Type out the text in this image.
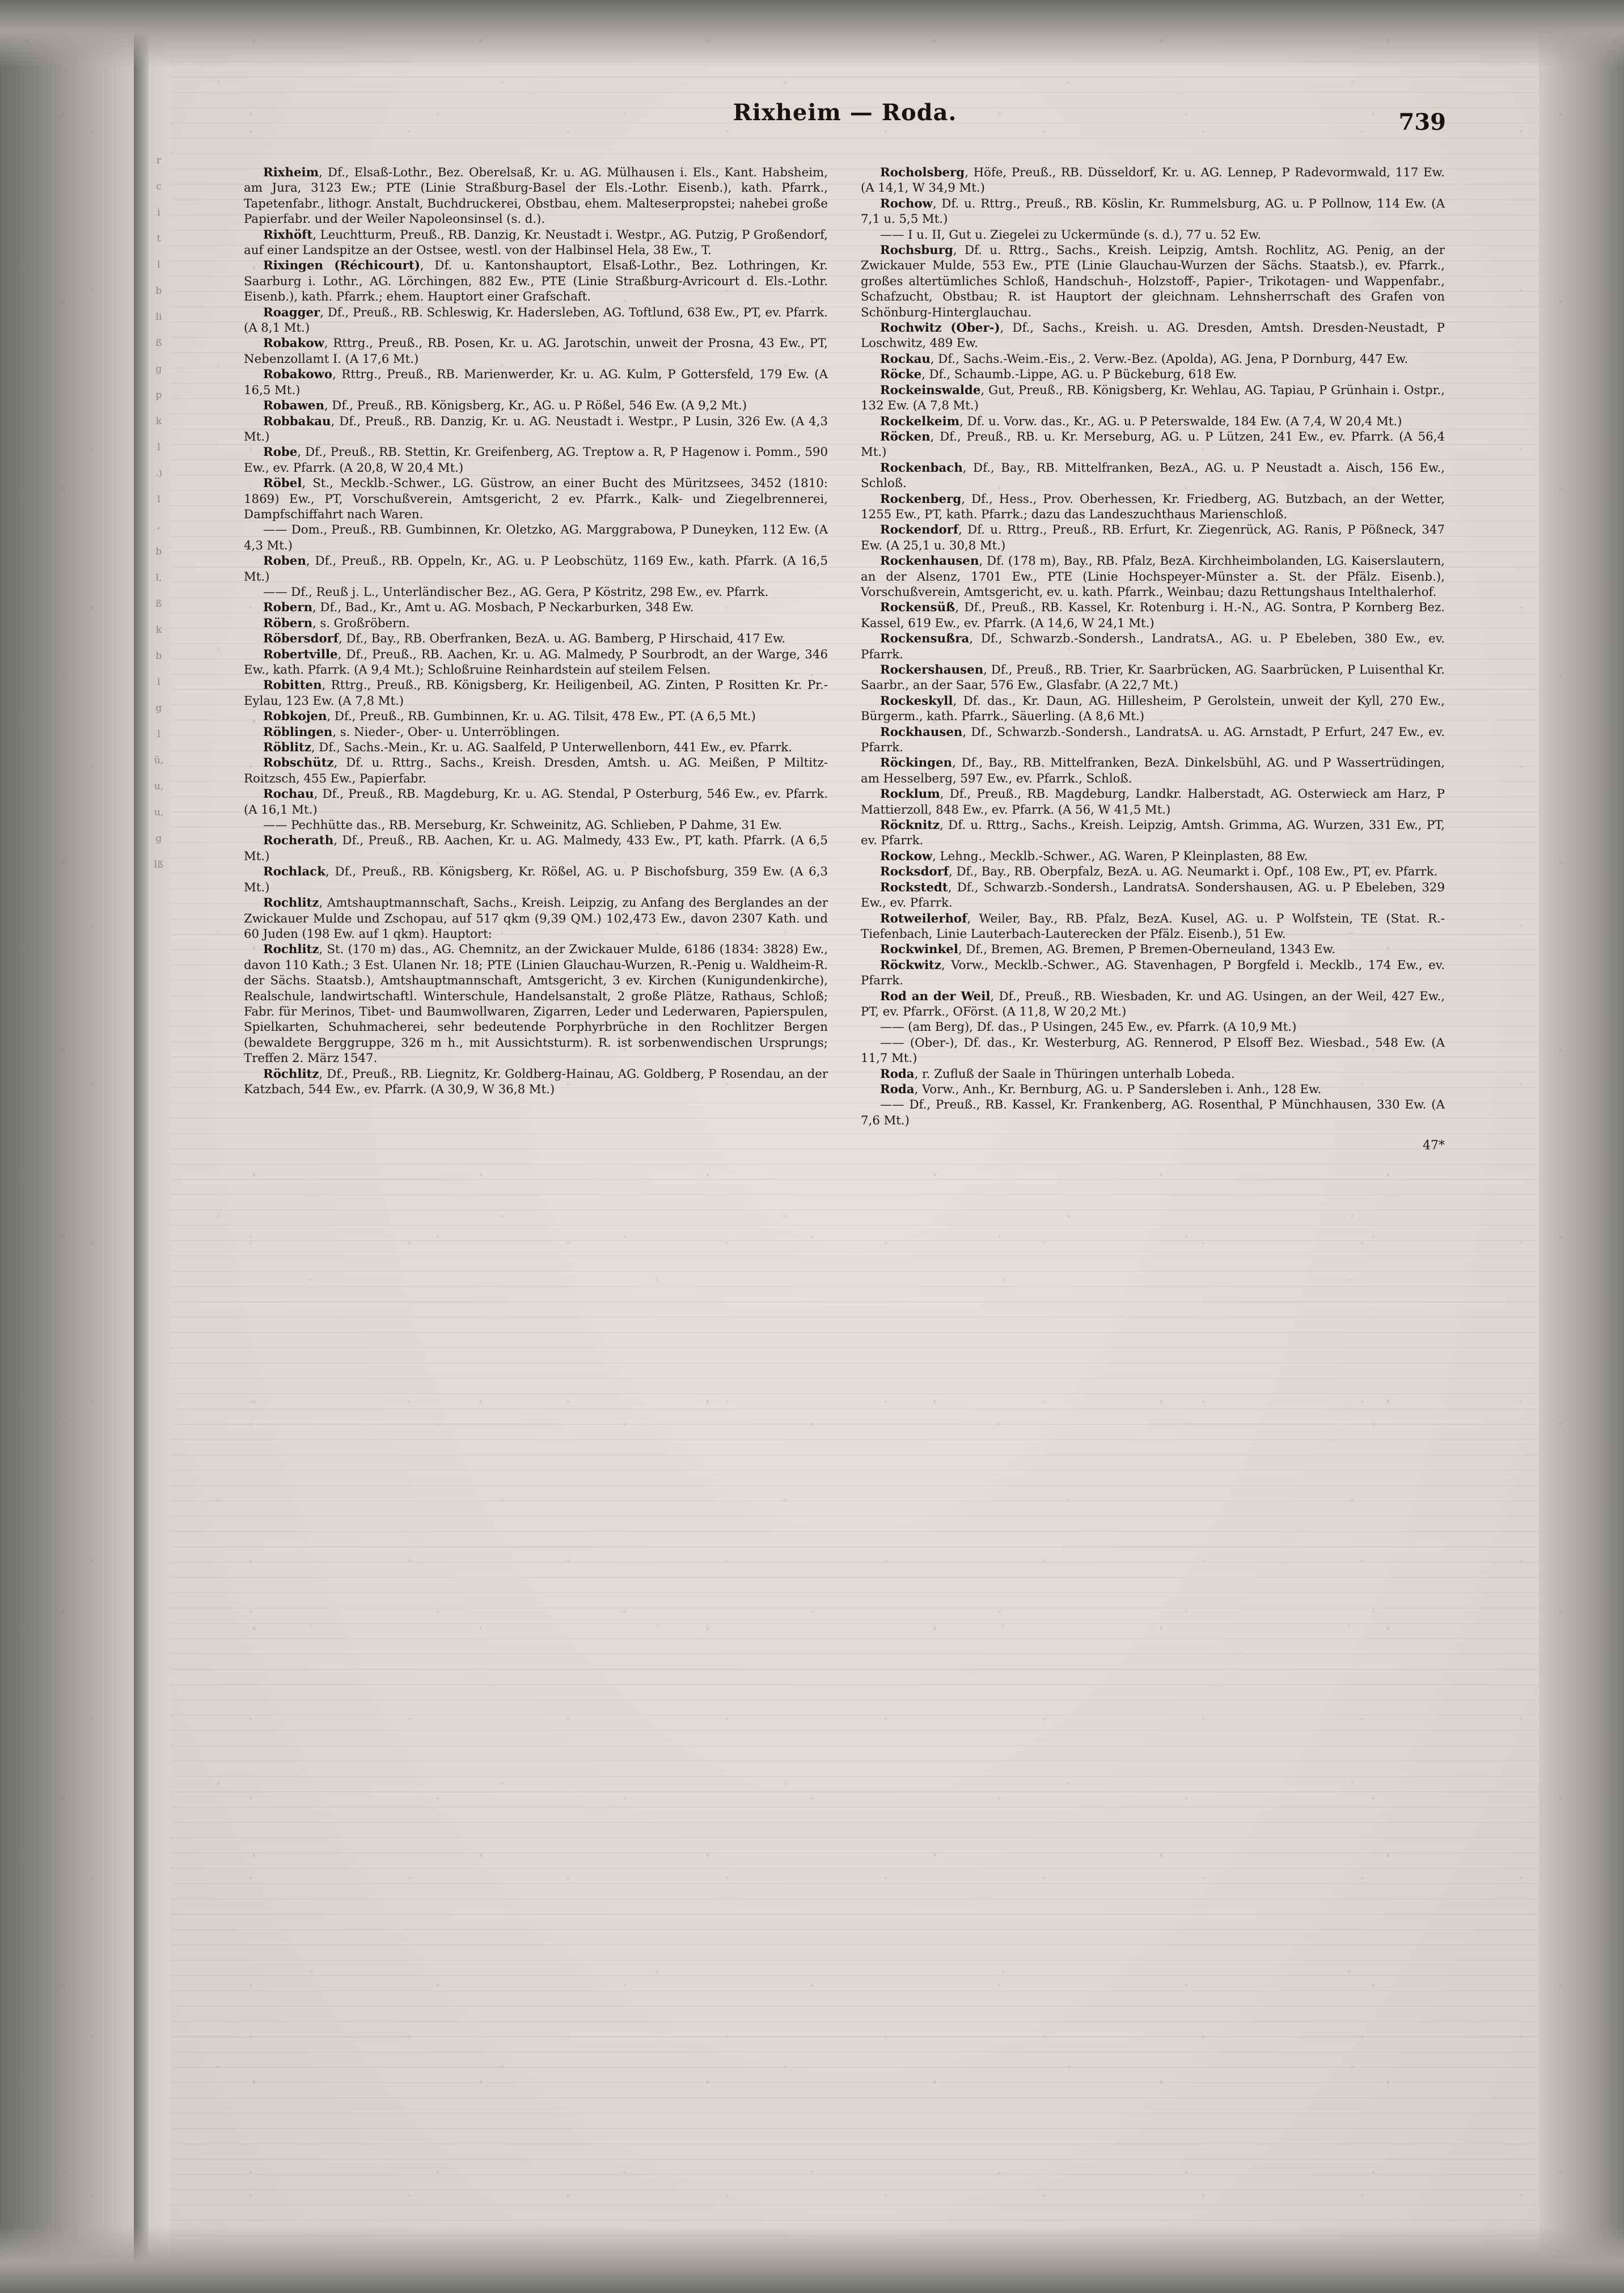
r
c
i
t
l
b
li
ß
g
p
k
l
.)
l
,
b
l,
ß
k
b
l
g
l
ü,
u,
u,
g
lß
Rixheim — Roda.	739

Rixheim, Df., Elsaß-Lothr., Bez. Oberelsaß, Kr. u. AG. Mülhausen i. Els., Kant. Habsheim, am Jura, 3123 Ew.; PTE (Linie Straßburg-Basel der Els.-Lothr. Eisenb.), kath. Pfarrk., Tapetenfabr., lithogr. Anstalt, Buchdruckerei, Obstbau, ehem. Malteserpropstei; nahebei große Papierfabr. und der Weiler Napoleonsinsel (s. d.).

Rixhöft, Leuchtturm, Preuß., RB. Danzig, Kr. Neustadt i. Westpr., AG. Putzig, P Großendorf, auf einer Landspitze an der Ostsee, westl. von der Halbinsel Hela, 38 Ew., T.

Rixingen (Réchicourt), Df. u. Kantonshauptort, Elsaß-Lothr., Bez. Lothringen, Kr. Saarburg i. Lothr., AG. Lörchingen, 882 Ew., PTE (Linie Straßburg-Avricourt d. Els.-Lothr. Eisenb.), kath. Pfarrk.; ehem. Hauptort einer Grafschaft.

Roagger, Df., Preuß., RB. Schleswig, Kr. Hadersleben, AG. Toftlund, 638 Ew., PT, ev. Pfarrk. (A 8,1 Mt.)

Robakow, Rttrg., Preuß., RB. Posen, Kr. u. AG. Jarotschin, unweit der Prosna, 43 Ew., PT, Nebenzollamt I. (A 17,6 Mt.)

Robakowo, Rttrg., Preuß., RB. Marienwerder, Kr. u. AG. Kulm, P Gottersfeld, 179 Ew. (A 16,5 Mt.)

Robawen, Df., Preuß., RB. Königsberg, Kr., AG. u. P Rößel, 546 Ew. (A 9,2 Mt.)

Robbakau, Df., Preuß., RB. Danzig, Kr. u. AG. Neustadt i. Westpr., P Lusin, 326 Ew. (A 4,3 Mt.)

Robe, Df., Preuß., RB. Stettin, Kr. Greifenberg, AG. Treptow a. R, P Hagenow i. Pomm., 590 Ew., ev. Pfarrk. (A 20,8, W 20,4 Mt.)

Röbel, St., Mecklb.-Schwer., LG. Güstrow, an einer Bucht des Müritzsees, 3452 (1810: 1869) Ew., PT, Vorschußverein, Amtsgericht, 2 ev. Pfarrk., Kalk- und Ziegelbrennerei, Dampfschiffahrt nach Waren.

—— Dom., Preuß., RB. Gumbinnen, Kr. Oletzko, AG. Marggrabowa, P Duneyken, 112 Ew. (A 4,3 Mt.)

Roben, Df., Preuß., RB. Oppeln, Kr., AG. u. P Leobschütz, 1169 Ew., kath. Pfarrk. (A 16,5 Mt.)

—— Df., Reuß j. L., Unterländischer Bez., AG. Gera, P Köstritz, 298 Ew., ev. Pfarrk.

Robern, Df., Bad., Kr., Amt u. AG. Mosbach, P Neckarburken, 348 Ew.

Röbern, s. Großröbern.

Röbersdorf, Df., Bay., RB. Oberfranken, BezA. u. AG. Bamberg, P Hirschaid, 417 Ew.

Robertville, Df., Preuß., RB. Aachen, Kr. u. AG. Malmedy, P Sourbrodt, an der Warge, 346 Ew., kath. Pfarrk. (A 9,4 Mt.); Schloßruine Reinhardstein auf steilem Felsen.

Robitten, Rttrg., Preuß., RB. Königsberg, Kr. Heiligenbeil, AG. Zinten, P Rositten Kr. Pr.-Eylau, 123 Ew. (A 7,8 Mt.)

Robkojen, Df., Preuß., RB. Gumbinnen, Kr. u. AG. Tilsit, 478 Ew., PT. (A 6,5 Mt.)

Röblingen, s. Nieder-, Ober- u. Unterröblingen.

Röblitz, Df., Sachs.-Mein., Kr. u. AG. Saalfeld, P Unterwellenborn, 441 Ew., ev. Pfarrk.

Robschütz, Df. u. Rttrg., Sachs., Kreish. Dresden, Amtsh. u. AG. Meißen, P Miltitz-Roitzsch, 455 Ew., Papierfabr.

Rochau, Df., Preuß., RB. Magdeburg, Kr. u. AG. Stendal, P Osterburg, 546 Ew., ev. Pfarrk. (A 16,1 Mt.)

—— Pechhütte das., RB. Merseburg, Kr. Schweinitz, AG. Schlieben, P Dahme, 31 Ew.

Rocherath, Df., Preuß., RB. Aachen, Kr. u. AG. Malmedy, 433 Ew., PT, kath. Pfarrk. (A 6,5 Mt.)

Rochlack, Df., Preuß., RB. Königsberg, Kr. Rößel, AG. u. P Bischofsburg, 359 Ew. (A 6,3 Mt.)

Rochlitz, Amtshauptmannschaft, Sachs., Kreish. Leipzig, zu Anfang des Berglandes an der Zwickauer Mulde und Zschopau, auf 517 qkm (9,39 QM.) 102,473 Ew., davon 2307 Kath. und 60 Juden (198 Ew. auf 1 qkm). Hauptort:

Rochlitz, St. (170 m) das., AG. Chemnitz, an der Zwickauer Mulde, 6186 (1834: 3828) Ew., davon 110 Kath.; 3 Est. Ulanen Nr. 18; PTE (Linien Glauchau-Wurzen, R.-Penig u. Waldheim-R. der Sächs. Staatsb.), Amtshauptmannschaft, Amtsgericht, 3 ev. Kirchen (Kunigundenkirche), Realschule, landwirtschaftl. Winterschule, Handelsanstalt, 2 große Plätze, Rathaus, Schloß; Fabr. für Merinos, Tibet- und Baumwollwaren, Zigarren, Leder und Lederwaren, Papierspulen, Spielkarten, Schuhmacherei, sehr bedeutende Porphyrbrüche in den Rochlitzer Bergen (bewaldete Berggruppe, 326 m h., mit Aussichtsturm). R. ist sorbenwendischen Ursprungs; Treffen 2. März 1547.

Röchlitz, Df., Preuß., RB. Liegnitz, Kr. Goldberg-Hainau, AG. Goldberg, P Rosendau, an der Katzbach, 544 Ew., ev. Pfarrk. (A 30,9, W 36,8 Mt.)

Rocholsberg, Höfe, Preuß., RB. Düsseldorf, Kr. u. AG. Lennep, P Radevormwald, 117 Ew. (A 14,1, W 34,9 Mt.)

Rochow, Df. u. Rttrg., Preuß., RB. Köslin, Kr. Rummelsburg, AG. u. P Pollnow, 114 Ew. (A 7,1 u. 5,5 Mt.)

—— I u. II, Gut u. Ziegelei zu Uckermünde (s. d.), 77 u. 52 Ew.

Rochsburg, Df. u. Rttrg., Sachs., Kreish. Leipzig, Amtsh. Rochlitz, AG. Penig, an der Zwickauer Mulde, 553 Ew., PTE (Linie Glauchau-Wurzen der Sächs. Staatsb.), ev. Pfarrk., großes altertümliches Schloß, Handschuh-, Holzstoff-, Papier-, Trikotagen- und Wappenfabr., Schafzucht, Obstbau; R. ist Hauptort der gleichnam. Lehnsherrschaft des Grafen von Schönburg-Hinterglauchau.

Rochwitz (Ober-), Df., Sachs., Kreish. u. AG. Dresden, Amtsh. Dresden-Neustadt, P Loschwitz, 489 Ew.

Rockau, Df., Sachs.-Weim.-Eis., 2. Verw.-Bez. (Apolda), AG. Jena, P Dornburg, 447 Ew.

Röcke, Df., Schaumb.-Lippe, AG. u. P Bückeburg, 618 Ew.

Rockeinswalde, Gut, Preuß., RB. Königsberg, Kr. Wehlau, AG. Tapiau, P Grünhain i. Ostpr., 132 Ew. (A 7,8 Mt.)

Rockelkeim, Df. u. Vorw. das., Kr., AG. u. P Peterswalde, 184 Ew. (A 7,4, W 20,4 Mt.)

Röcken, Df., Preuß., RB. u. Kr. Merseburg, AG. u. P Lützen, 241 Ew., ev. Pfarrk. (A 56,4 Mt.)

Rockenbach, Df., Bay., RB. Mittelfranken, BezA., AG. u. P Neustadt a. Aisch, 156 Ew., Schloß.

Rockenberg, Df., Hess., Prov. Oberhessen, Kr. Friedberg, AG. Butzbach, an der Wetter, 1255 Ew., PT, kath. Pfarrk.; dazu das Landeszuchthaus Marienschloß.

Rockendorf, Df. u. Rttrg., Preuß., RB. Erfurt, Kr. Ziegenrück, AG. Ranis, P Pößneck, 347 Ew. (A 25,1 u. 30,8 Mt.)

Rockenhausen, Df. (178 m), Bay., RB. Pfalz, BezA. Kirchheimbolanden, LG. Kaiserslautern, an der Alsenz, 1701 Ew., PTE (Linie Hochspeyer-Münster a. St. der Pfälz. Eisenb.), Vorschußverein, Amtsgericht, ev. u. kath. Pfarrk., Weinbau; dazu Rettungshaus Intelthalerhof.

Rockensüß, Df., Preuß., RB. Kassel, Kr. Rotenburg i. H.-N., AG. Sontra, P Kornberg Bez. Kassel, 619 Ew., ev. Pfarrk. (A 14,6, W 24,1 Mt.)

Rockensußra, Df., Schwarzb.-Sondersh., LandratsA., AG. u. P Ebeleben, 380 Ew., ev. Pfarrk.

Rockershausen, Df., Preuß., RB. Trier, Kr. Saarbrücken, AG. Saarbrücken, P Luisenthal Kr. Saarbr., an der Saar, 576 Ew., Glasfabr. (A 22,7 Mt.)

Rockeskyll, Df. das., Kr. Daun, AG. Hillesheim, P Gerolstein, unweit der Kyll, 270 Ew., Bürgerm., kath. Pfarrk., Säuerling. (A 8,6 Mt.)

Rockhausen, Df., Schwarzb.-Sondersh., LandratsA. u. AG. Arnstadt, P Erfurt, 247 Ew., ev. Pfarrk.

Röckingen, Df., Bay., RB. Mittelfranken, BezA. Dinkelsbühl, AG. und P Wassertrüdingen, am Hesselberg, 597 Ew., ev. Pfarrk., Schloß.

Rocklum, Df., Preuß., RB. Magdeburg, Landkr. Halberstadt, AG. Osterwieck am Harz, P Mattierzoll, 848 Ew., ev. Pfarrk. (A 56, W 41,5 Mt.)

Röcknitz, Df. u. Rttrg., Sachs., Kreish. Leipzig, Amtsh. Grimma, AG. Wurzen, 331 Ew., PT, ev. Pfarrk.

Rockow, Lehng., Mecklb.-Schwer., AG. Waren, P Kleinplasten, 88 Ew.

Rocksdorf, Df., Bay., RB. Oberpfalz, BezA. u. AG. Neumarkt i. Opf., 108 Ew., PT, ev. Pfarrk.

Rockstedt, Df., Schwarzb.-Sondersh., LandratsA. Sondershausen, AG. u. P Ebeleben, 329 Ew., ev. Pfarrk.

Rotweilerhof, Weiler, Bay., RB. Pfalz, BezA. Kusel, AG. u. P Wolfstein, TE (Stat. R.-Tiefenbach, Linie Lauterbach-Lauterecken der Pfälz. Eisenb.), 51 Ew.

Rockwinkel, Df., Bremen, AG. Bremen, P Bremen-Oberneuland, 1343 Ew.

Röckwitz, Vorw., Mecklb.-Schwer., AG. Stavenhagen, P Borgfeld i. Mecklb., 174 Ew., ev. Pfarrk.

Rod an der Weil, Df., Preuß., RB. Wiesbaden, Kr. und AG. Usingen, an der Weil, 427 Ew., PT, ev. Pfarrk., OFörst. (A 11,8, W 20,2 Mt.)

—— (am Berg), Df. das., P Usingen, 245 Ew., ev. Pfarrk. (A 10,9 Mt.)

—— (Ober-), Df. das., Kr. Westerburg, AG. Rennerod, P Elsoff Bez. Wiesbad., 548 Ew. (A 11,7 Mt.)

Roda, r. Zufluß der Saale in Thüringen unterhalb Lobeda.

Roda, Vorw., Anh., Kr. Bernburg, AG. u. P Sandersleben i. Anh., 128 Ew.

—— Df., Preuß., RB. Kassel, Kr. Frankenberg, AG. Rosenthal, P Münchhausen, 330 Ew. (A 7,6 Mt.)

47*
